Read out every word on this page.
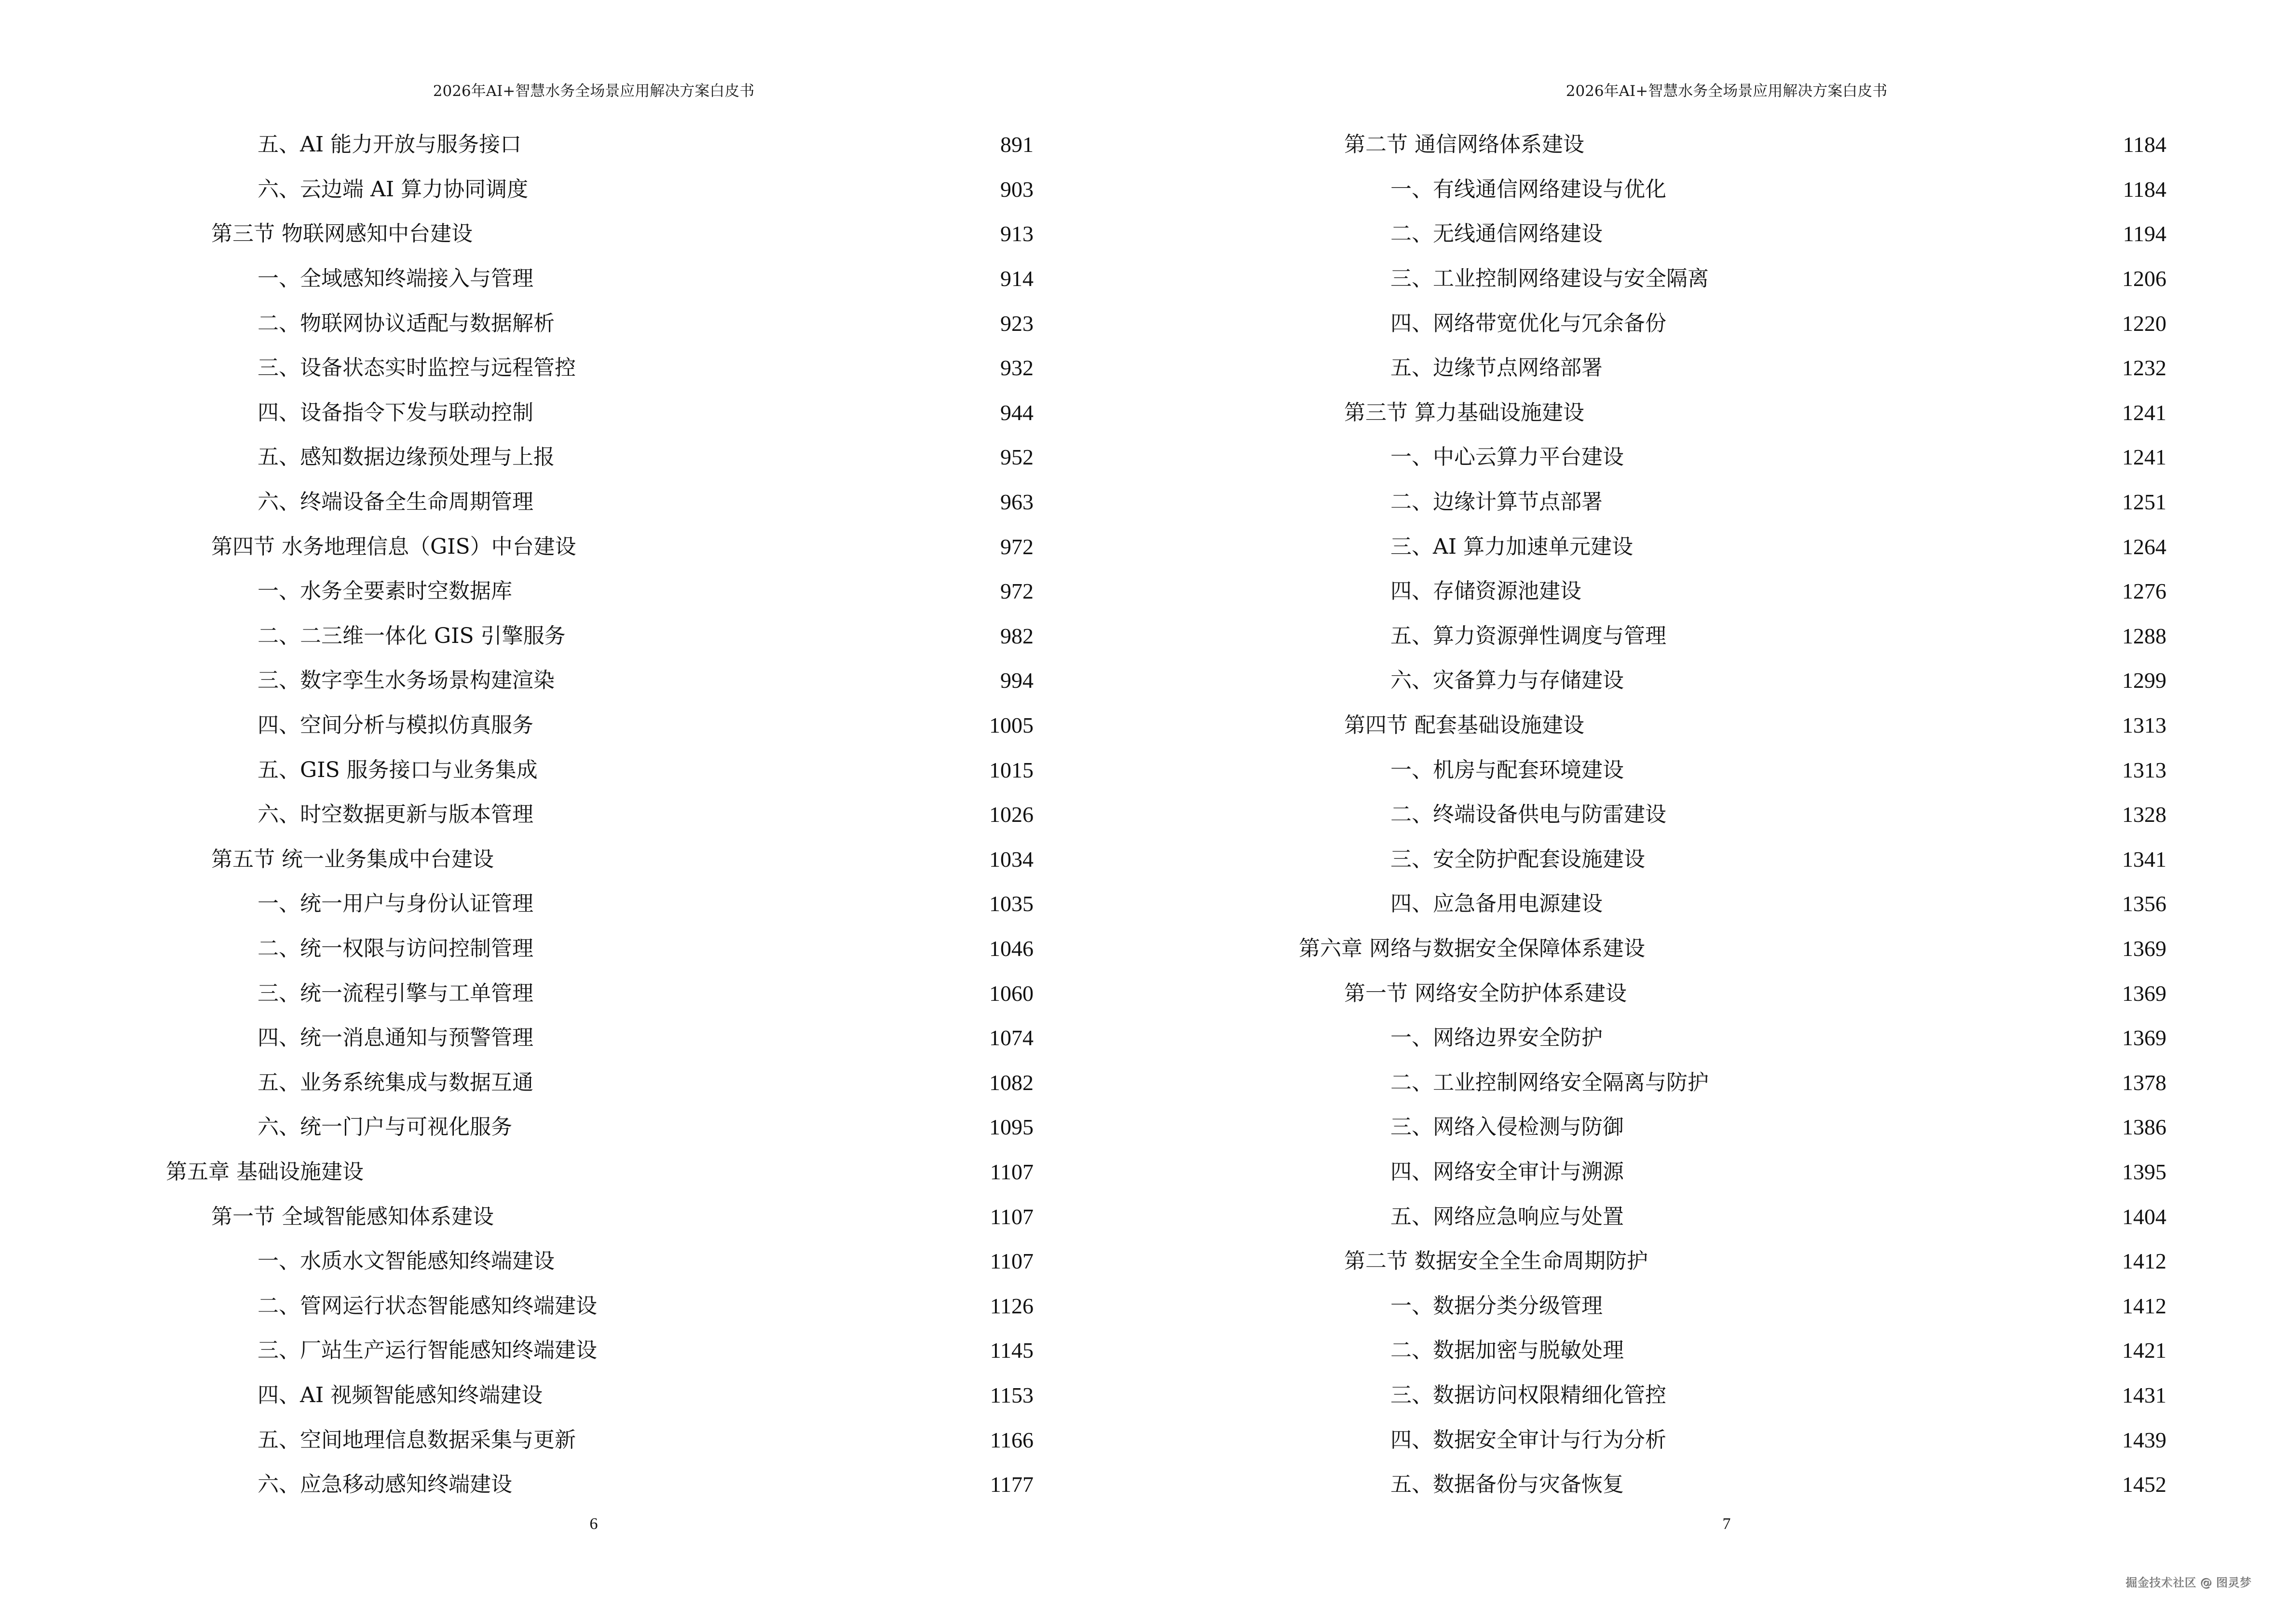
2026年AI+智慧水务全场景应用解决方案白皮书
五、AI 能力开放与服务接口	891
六、云边端 AI 算力协同调度	903
第三节 物联网感知中台建设	913
一、全域感知终端接入与管理	914
二、物联网协议适配与数据解析	923
三、设备状态实时监控与远程管控	932
四、设备指令下发与联动控制	944
五、感知数据边缘预处理与上报	952
六、终端设备全生命周期管理	963
第四节 水务地理信息（GIS）中台建设	972
一、水务全要素时空数据库	972
二、二三维一体化 GIS 引擎服务	982
三、数字孪生水务场景构建渲染	994
四、空间分析与模拟仿真服务	1005
五、GIS 服务接口与业务集成	1015
六、时空数据更新与版本管理	1026
第五节 统一业务集成中台建设	1034
一、统一用户与身份认证管理	1035
二、统一权限与访问控制管理	1046
三、统一流程引擎与工单管理	1060
四、统一消息通知与预警管理	1074
五、业务系统集成与数据互通	1082
六、统一门户与可视化服务	1095
第五章 基础设施建设	1107
第一节 全域智能感知体系建设	1107
一、水质水文智能感知终端建设	1107
二、管网运行状态智能感知终端建设	1126
三、厂站生产运行智能感知终端建设	1145
四、AI 视频智能感知终端建设	1153
五、空间地理信息数据采集与更新	1166
六、应急移动感知终端建设	1177
6
2026年AI+智慧水务全场景应用解决方案白皮书
第二节 通信网络体系建设	1184
一、有线通信网络建设与优化	1184
二、无线通信网络建设	1194
三、工业控制网络建设与安全隔离	1206
四、网络带宽优化与冗余备份	1220
五、边缘节点网络部署	1232
第三节 算力基础设施建设	1241
一、中心云算力平台建设	1241
二、边缘计算节点部署	1251
三、AI 算力加速单元建设	1264
四、存储资源池建设	1276
五、算力资源弹性调度与管理	1288
六、灾备算力与存储建设	1299
第四节 配套基础设施建设	1313
一、机房与配套环境建设	1313
二、终端设备供电与防雷建设	1328
三、安全防护配套设施建设	1341
四、应急备用电源建设	1356
第六章 网络与数据安全保障体系建设	1369
第一节 网络安全防护体系建设	1369
一、网络边界安全防护	1369
二、工业控制网络安全隔离与防护	1378
三、网络入侵检测与防御	1386
四、网络安全审计与溯源	1395
五、网络应急响应与处置	1404
第二节 数据安全全生命周期防护	1412
一、数据分类分级管理	1412
二、数据加密与脱敏处理	1421
三、数据访问权限精细化管控	1431
四、数据安全审计与行为分析	1439
五、数据备份与灾备恢复	1452
7
掘金技术社区 @ 图灵梦
